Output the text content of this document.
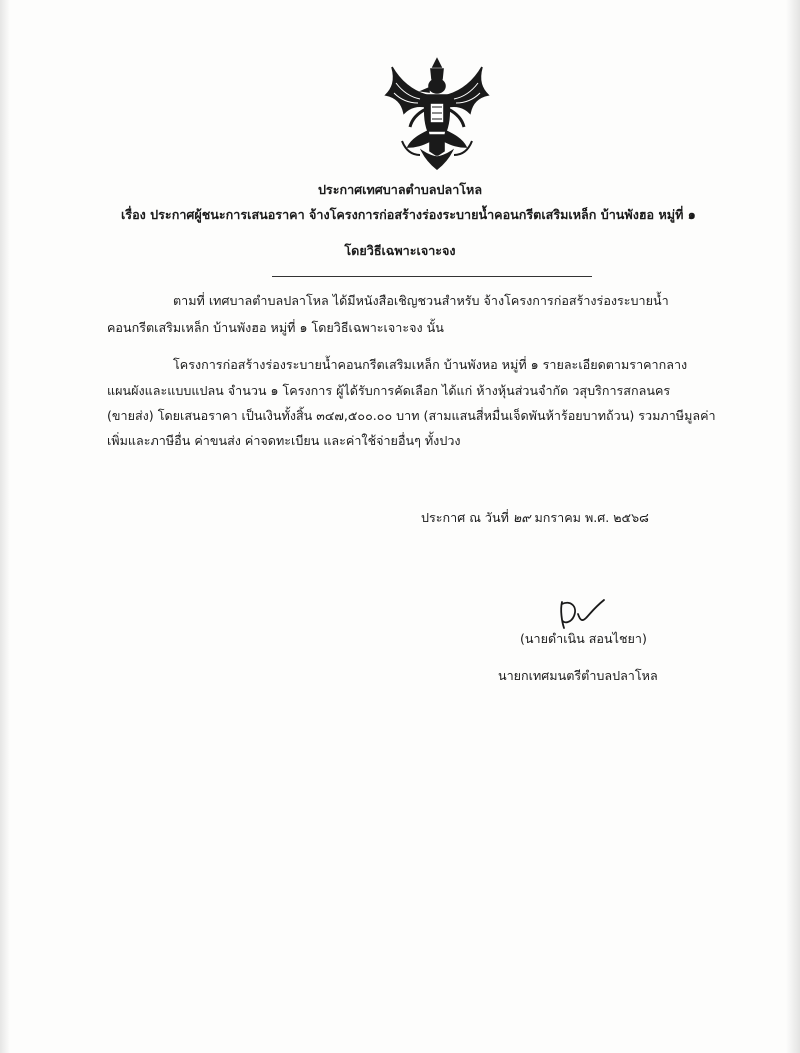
ประกาศเทศบาลตำบลปลาโหล
เรื่อง ประกาศผู้ชนะการเสนอราคา จ้างโครงการก่อสร้างร่องระบายน้ำคอนกรีตเสริมเหล็ก บ้านพังฮอ หมู่ที่ ๑
โดยวิธีเฉพาะเจาะจง
ตามที่ เทศบาลตำบลปลาโหล ได้มีหนังสือเชิญชวนสำหรับ จ้างโครงการก่อสร้างร่องระบายน้ำ
คอนกรีตเสริมเหล็ก บ้านพังฮอ หมู่ที่ ๑ โดยวิธีเฉพาะเจาะจง นั้น
โครงการก่อสร้างร่องระบายน้ำคอนกรีตเสริมเหล็ก บ้านพังหอ หมู่ที่ ๑ รายละเอียดตามราคากลาง
แผนผังและแบบแปลน จำนวน ๑ โครงการ ผู้ได้รับการคัดเลือก ได้แก่ ห้างหุ้นส่วนจำกัด วสุบริการสกลนคร
(ขายส่ง) โดยเสนอราคา เป็นเงินทั้งสิ้น ๓๔๗,๕๐๐.๐๐ บาท (สามแสนสี่หมื่นเจ็ดพันห้าร้อยบาทถ้วน) รวมภาษีมูลค่า
เพิ่มและภาษีอื่น ค่าขนส่ง ค่าจดทะเบียน และค่าใช้จ่ายอื่นๆ ทั้งปวง
ประกาศ ณ วันที่ ๒๙ มกราคม พ.ศ. ๒๕๖๘
(นายดำเนิน สอนไชยา)
นายกเทศมนตรีตำบลปลาโหล
